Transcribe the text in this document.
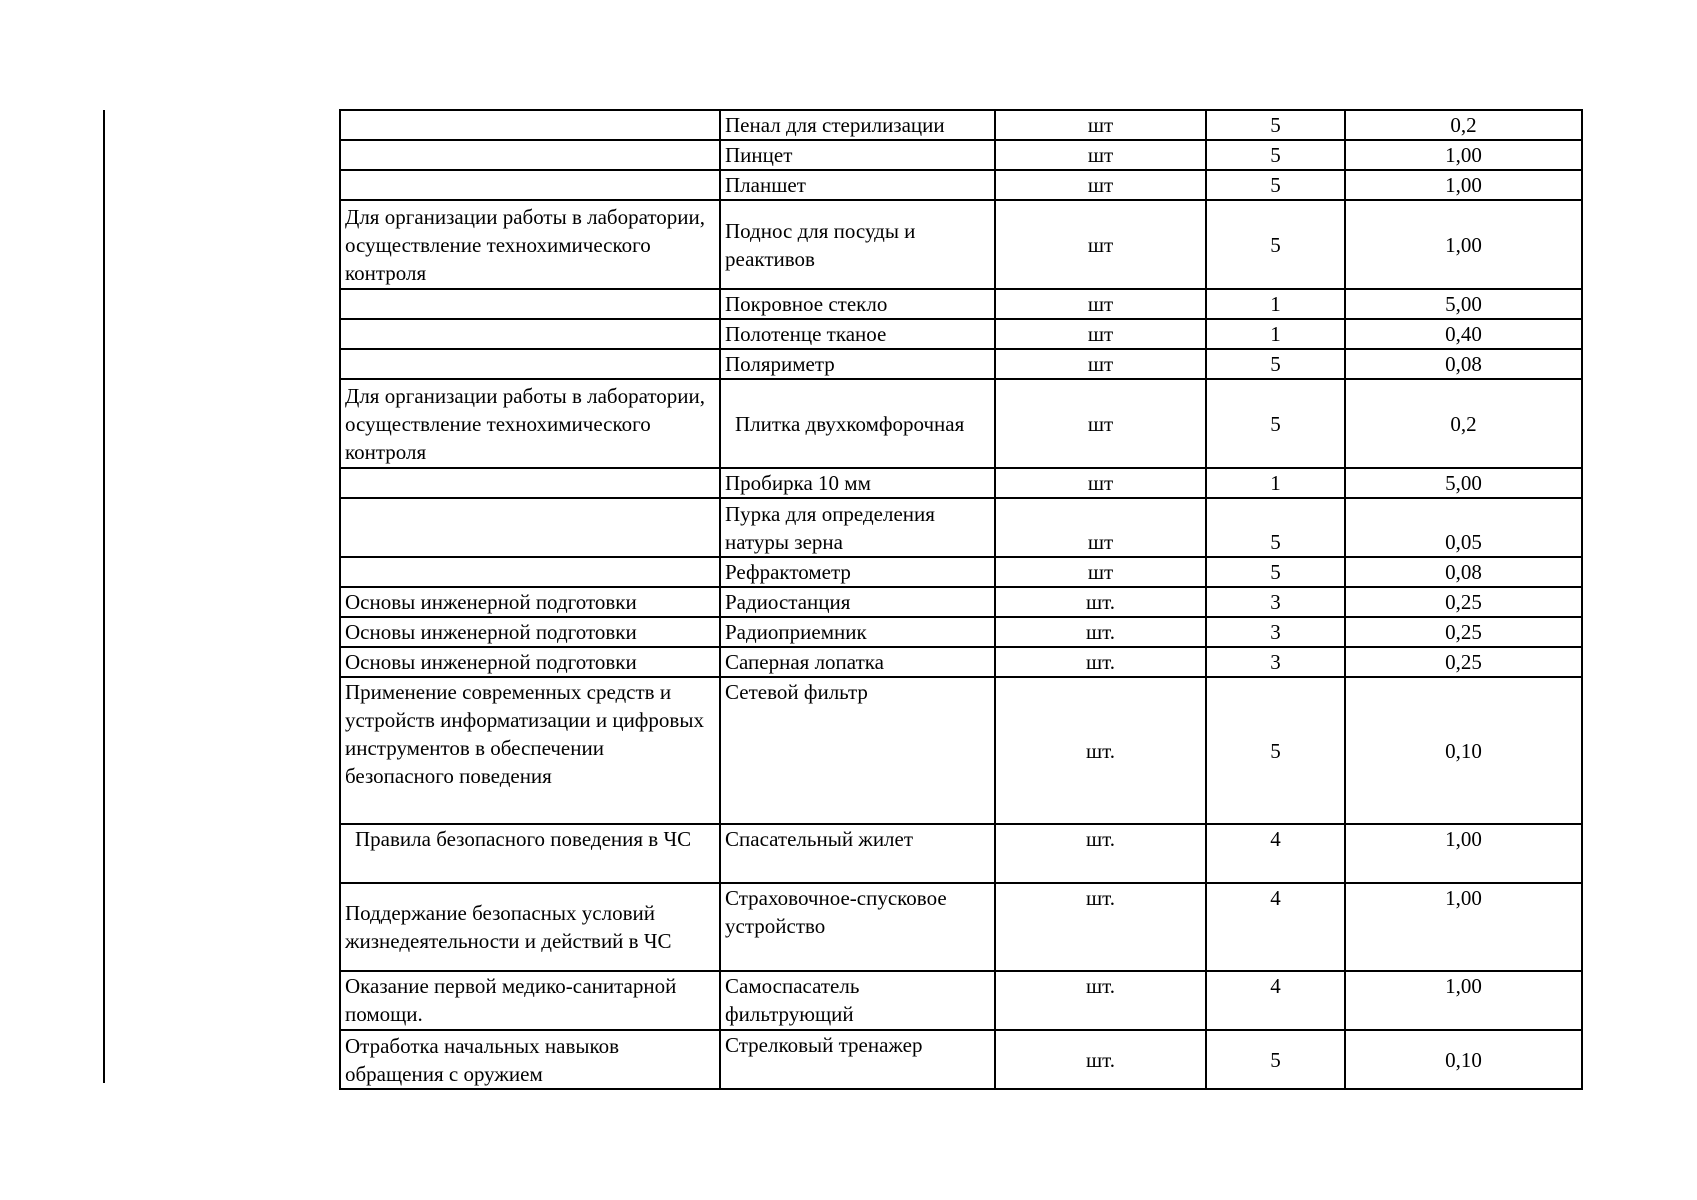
	Пенал для стерилизации	шт	5	0,2
	Пинцет	шт	5	1,00
	Планшет	шт	5	1,00
Для организации работы в лаборатории, осуществление технохимического контроля	Поднос для посуды и реактивов	шт	5	1,00
	Покровное стекло	шт	1	5,00
	Полотенце тканое	шт	1	0,40
	Поляриметр	шт	5	0,08
Для организации работы в лаборатории, осуществление технохимического контроля	Плитка двухкомфорочная	шт	5	0,2
	Пробирка 10 мм	шт	1	5,00
	Пурка для определения натуры зерна	шт	5	0,05
	Рефрактометр	шт	5	0,08
Основы инженерной подготовки	Радиостанция	шт.	3	0,25
Основы инженерной подготовки	Радиоприемник	шт.	3	0,25
Основы инженерной подготовки	Саперная лопатка	шт.	3	0,25
Применение современных средств и устройств информатизации и цифровых инструментов в обеспечении безопасного поведения	Сетевой фильтр	шт.	5	0,10
Правила безопасного поведения в ЧС	Спасательный жилет	шт.	4	1,00
Поддержание безопасных условий жизнедеятельности и действий в ЧС	Страховочное-спусковое устройство	шт.	4	1,00
Оказание первой медико-санитарной помощи.	Самоспасатель фильтрующий	шт.	4	1,00
Отработка начальных навыков обращения с оружием	Стрелковый тренажер	шт.	5	0,10
